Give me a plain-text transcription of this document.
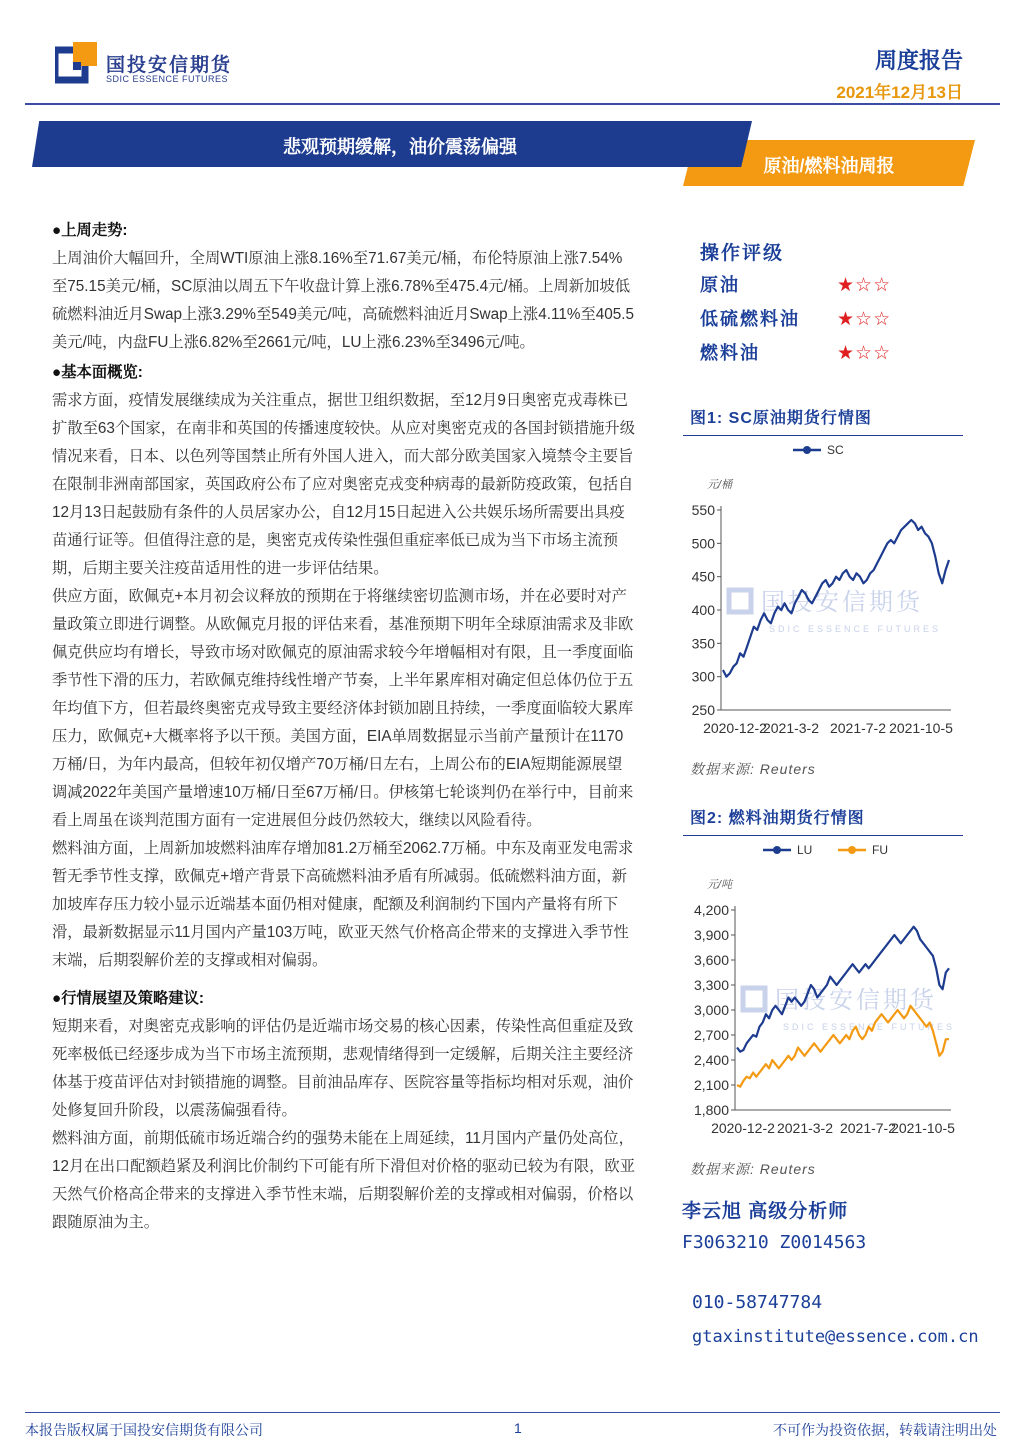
国投安信期货
SDIC ESSENCE FUTURES
周度报告
2021年12月13日
悲观预期缓解，油价震荡偏强
原油/燃料油周报

●上周走势:

上周油价大幅回升，全周WTI原油上涨8.16%至71.67美元/桶，布伦特原油上涨7.54%至75.15美元/桶，SC原油以周五下午收盘计算上涨6.78%至475.4元/桶。上周新加坡低硫燃料油近月Swap上涨3.29%至549美元/吨，高硫燃料油近月Swap上涨4.11%至405.5美元/吨，内盘FU上涨6.82%至2661元/吨，LU上涨6.23%至3496元/吨。

●基本面概览:

需求方面，疫情发展继续成为关注重点，据世卫组织数据，至12月9日奥密克戎毒株已扩散至63个国家，在南非和英国的传播速度较快。从应对奥密克戎的各国封锁措施升级情况来看，日本、以色列等国禁止所有外国人进入，而大部分欧美国家入境禁令主要旨在限制非洲南部国家，英国政府公布了应对奥密克戎变种病毒的最新防疫政策，包括自12月13日起鼓励有条件的人员居家办公，自12月15日起进入公共娱乐场所需要出具疫苗通行证等。但值得注意的是，奥密克戎传染性强但重症率低已成为当下市场主流预期，后期主要关注疫苗适用性的进一步评估结果。

供应方面，欧佩克+本月初会议释放的预期在于将继续密切监测市场，并在必要时对产量政策立即进行调整。从欧佩克月报的评估来看，基准预期下明年全球原油需求及非欧佩克供应均有增长，导致市场对欧佩克的原油需求较今年增幅相对有限，且一季度面临季节性下滑的压力，若欧佩克维持线性增产节奏，上半年累库相对确定但总体仍位于五年均值下方，但若最终奥密克戎导致主要经济体封锁加剧且持续，一季度面临较大累库压力，欧佩克+大概率将予以干预。美国方面，EIA单周数据显示当前产量预计在1170万桶/日，为年内最高，但较年初仅增产70万桶/日左右，上周公布的EIA短期能源展望调减2022年美国产量增速10万桶/日至67万桶/日。伊核第七轮谈判仍在举行中，目前来看上周虽在谈判范围方面有一定进展但分歧仍然较大，继续以风险看待。

燃料油方面，上周新加坡燃料油库存增加81.2万桶至2062.7万桶。中东及南亚发电需求暂无季节性支撑，欧佩克+增产背景下高硫燃料油矛盾有所减弱。低硫燃料油方面，新加坡库存压力较小显示近端基本面仍相对健康，配额及利润制约下国内产量将有所下滑，最新数据显示11月国内产量103万吨，欧亚天然气价格高企带来的支撑进入季节性末端，后期裂解价差的支撑或相对偏弱。

●行情展望及策略建议:

短期来看，对奥密克戎影响的评估仍是近端市场交易的核心因素，传染性高但重症及致死率极低已经逐步成为当下市场主流预期，悲观情绪得到一定缓解，后期关注主要经济体基于疫苗评估对封锁措施的调整。目前油品库存、医院容量等指标均相对乐观，油价处修复回升阶段，以震荡偏强看待。

燃料油方面，前期低硫市场近端合约的强势未能在上周延续，11月国内产量仍处高位，12月在出口配额趋紧及利润比价制约下可能有所下滑但对价格的驱动已较为有限，欧亚天然气价格高企带来的支撑进入季节性末端，后期裂解价差的支撑或相对偏弱，价格以跟随原油为主。

操作评级
原油	★☆☆
低硫燃料油 ★☆☆
燃料油	★☆☆
图1: SC原油期货行情图
SC
元/桶
550
500
450
400
350
300
250
2020-12-2
2021-3-2 2021-7-2 2021-10-5
国投安信期货
SDIC ESSENCE FUTURES
数据来源: Reuters
图2: 燃料油期货行情图
LU	FU
元/吨
4,200
3,900
3,600
3,300
3,000
2,700
2,400
2,100
1,800
2020-12-2 2021-3-2 2021-7-2
2021-10-5
国投安信期货
SDIC ESSENCE FUTURES
数据来源: Reuters
李云旭 高级分析师
F3063210 Z0014563
010-58747784
gtaxinstitute@essence.com.cn
本报告版权属于国投安信期货有限公司	1	不可作为投资依据，转载请注明出处
